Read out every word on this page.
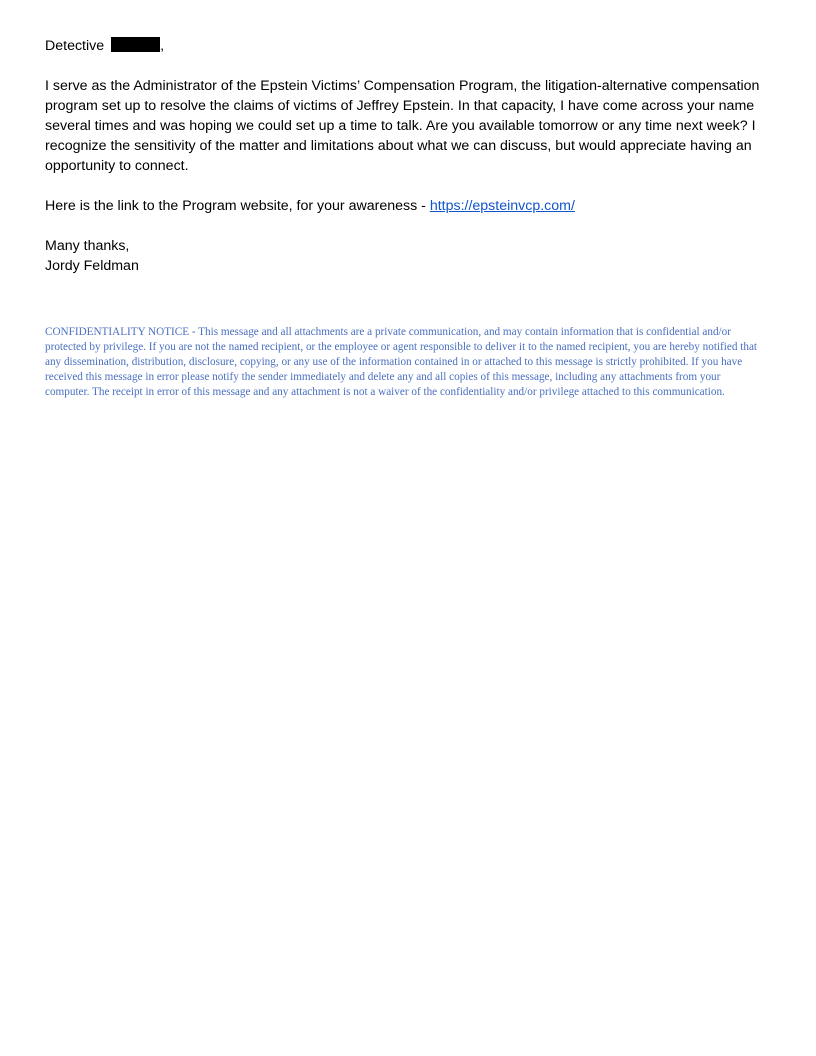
Detective	,

I serve as the Administrator of the Epstein Victims’ Compensation Program, the litigation-alternative compensation program set up to resolve the claims of victims of Jeffrey Epstein. In that capacity, I have come across your name several times and was hoping we could set up a time to talk. Are you available tomorrow or any time next week? I recognize the sensitivity of the matter and limitations about what we can discuss, but would appreciate having an opportunity to connect.

Here is the link to the Program website, for your awareness - https://epsteinvcp.com/

Many thanks,

Jordy Feldman

CONFIDENTIALITY NOTICE - This message and all attachments are a private communication, and may contain information that is confidential and/or protected by privilege. If you are not the named recipient, or the employee or agent responsible to deliver it to the named recipient, you are hereby notified that any dissemination, distribution, disclosure, copying, or any use of the information contained in or attached to this message is strictly prohibited. If you have received this message in error please notify the sender immediately and delete any and all copies of this message, including any attachments from your computer. The receipt in error of this message and any attachment is not a waiver of the confidentiality and/or privilege attached to this communication.
